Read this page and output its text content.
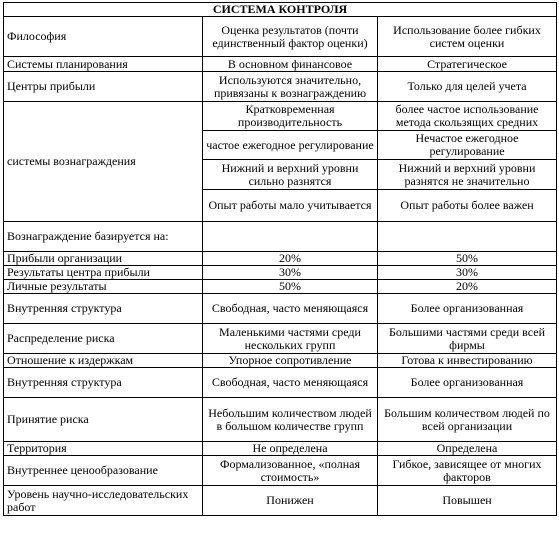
СИСТЕМА КОНТРОЛЯ		
Философия	Оценка результатов (почти единственный фактор оценки)	Использование более гибких систем оценки
Системы планирования	В основном финансовое	Стратегическое
Центры прибыли	Используются значительно, привязаны к вознаграждению	Только для целей учета
системы вознаграждения	Кратковременная производительность	более частое использование метода скользящих средних
	частое ежегодное регулирование	Нечастое ежегодное регулирование
	Нижний и верхний уровни сильно разнятся	Нижний и верхний уровни разнятся не значительно
	Опыт работы мало учитывается	Опыт работы более важен
Вознаграждение базируется на:		
Прибыли организации	20%	50%
Результаты центра прибыли	30%	30%
Личные результаты	50%	20%
Внутренняя структура	Свободная, часто меняющаяся	Более организованная
Распределение риска	Маленькими частями среди нескольких групп	Большими частями среди всей фирмы
Отношение к издержкам	Упорное сопротивление	Готова к инвестированию
Внутренняя структура	Свободная, часто меняющаяся	Более организованная
Принятие риска	Небольшим количеством людей в большом количестве групп	Большим количеством людей по всей организации
Территория	Не определена	Определена
Внутреннее ценообразование	Формализованное, «полная стоимость»	Гибкое, зависящее от многих факторов
Уровень научно-исследовательских работ	Понижен	Повышен
